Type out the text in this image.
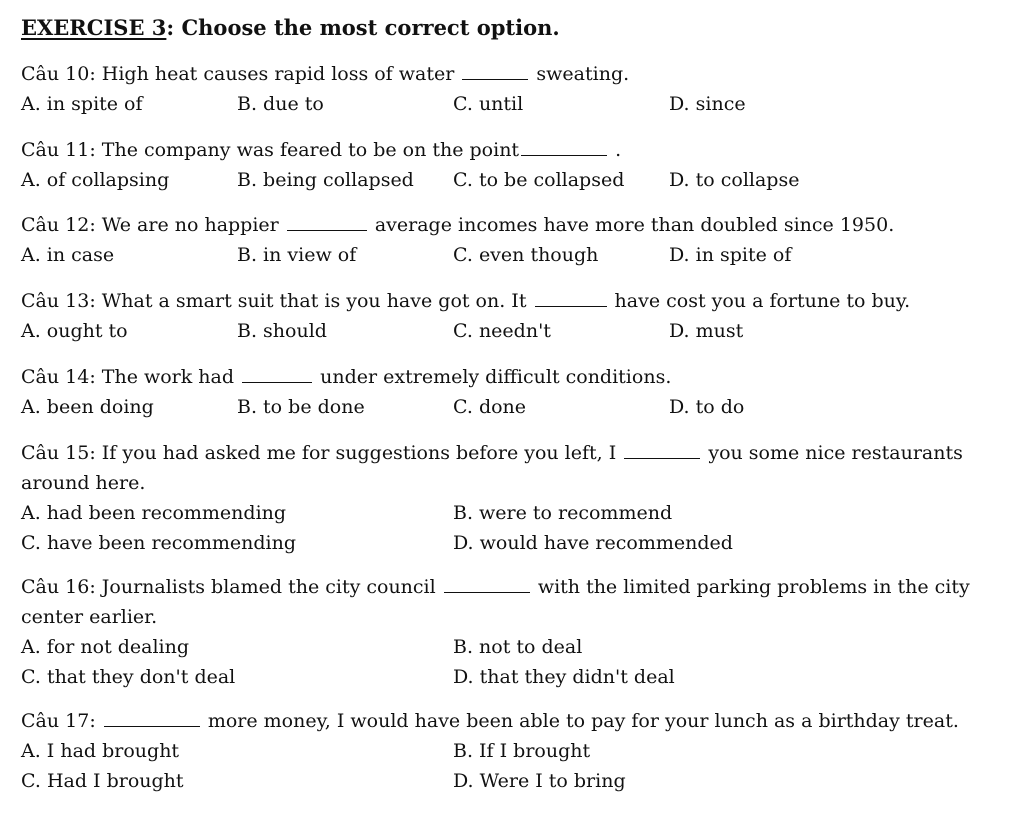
EXERCISE 3: Choose the most correct option.
Câu 10: High heat causes rapid loss of water	sweating.
A. in spite of	B. due to	C. until	D. since
Câu 11: The company was feared to be on the point	.
A. of collapsing	B. being collapsed	C. to be collapsed	D. to collapse
Câu 12: We are no happier	average incomes have more than doubled since 1950.
A. in case	B. in view of	C. even though	D. in spite of
Câu 13: What a smart suit that is you have got on. It	have cost you a fortune to buy.
A. ought to	B. should	C. needn't	D. must
Câu 14: The work had	under extremely difficult conditions.
A. been doing	B. to be done	C. done	D. to do
Câu 15: If you had asked me for suggestions before you left, I	you some nice restaurants around here.
A. had been recommending	B. were to recommend
C. have been recommending	D. would have recommended
Câu 16: Journalists blamed the city council	with the limited parking problems in the city center earlier.
A. for not dealing	B. not to deal
C. that they don't deal	D. that they didn't deal
Câu 17:	more money, I would have been able to pay for your lunch as a birthday treat.
A. I had brought	B. If I brought
C. Had I brought	D. Were I to bring
